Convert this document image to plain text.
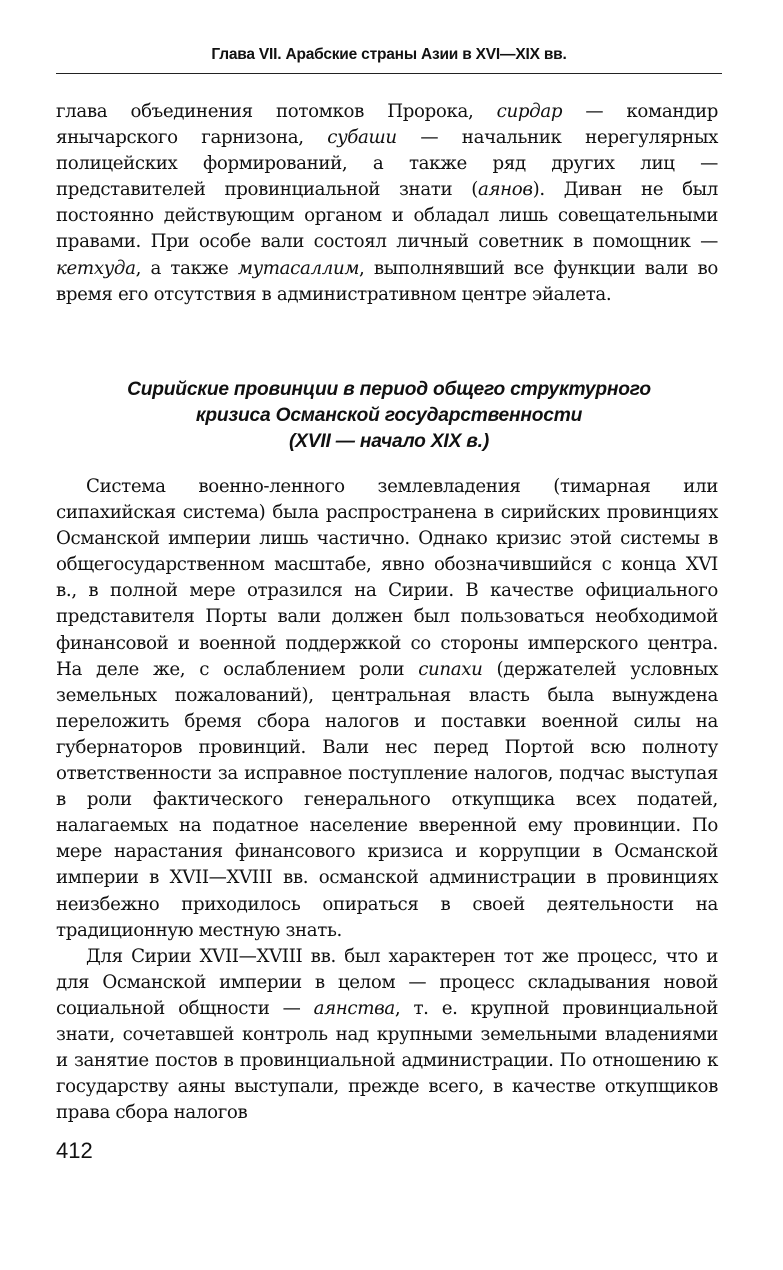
Глава VII. Арабские страны Азии в XVI—XIX вв.

глава объединения потомков Пророка, сирдар — командир янычарского гарнизона, субаши — начальник нерегулярных полицейских формирований, а также ряд других лиц — представителей провинциальной знати (аянов). Диван не был постоянно действующим органом и обладал лишь совещательными правами. При особе вали состоял личный советник в помощник — кетхуда, а также мутасаллим, выполнявший все функции вали во время его отсутствия в административном центре эйалета.

Сирийские провинции в период общего структурного
кризиса Османской государственности
(XVII — начало XIX в.)

Система военно-ленного землевладения (тимарная или сипахийская система) была распространена в сирийских провинциях Османской империи лишь частично. Однако кризис этой системы в общегосударственном масштабе, явно обозначившийся с конца XVI в., в полной мере отразился на Сирии. В качестве официального представителя Порты вали должен был пользоваться необходимой финансовой и военной поддержкой со стороны имперского центра. На деле же, с ослаблением роли сипахи (держателей условных земельных пожалований), центральная власть была вынуждена переложить бремя сбора налогов и поставки военной силы на губернаторов провинций. Вали нес перед Портой всю полноту ответственности за исправное поступление налогов, подчас выступая в роли фактического генерального откупщика всех податей, налагаемых на податное население вверенной ему провинции. По мере нарастания финансового кризиса и коррупции в Османской империи в XVII—XVIII вв. османской администрации в провинциях неизбежно приходилось опираться в своей деятельности на традиционную местную знать.

Для Сирии XVII—XVIII вв. был характерен тот же процесс, что и для Османской империи в целом — процесс складывания новой социальной общности — аянства, т. е. крупной провинциальной знати, сочетавшей контроль над крупными земельными владениями и занятие постов в провинциальной администрации. По отношению к государству аяны выступали, прежде всего, в качестве откупщиков права сбора налогов

412
